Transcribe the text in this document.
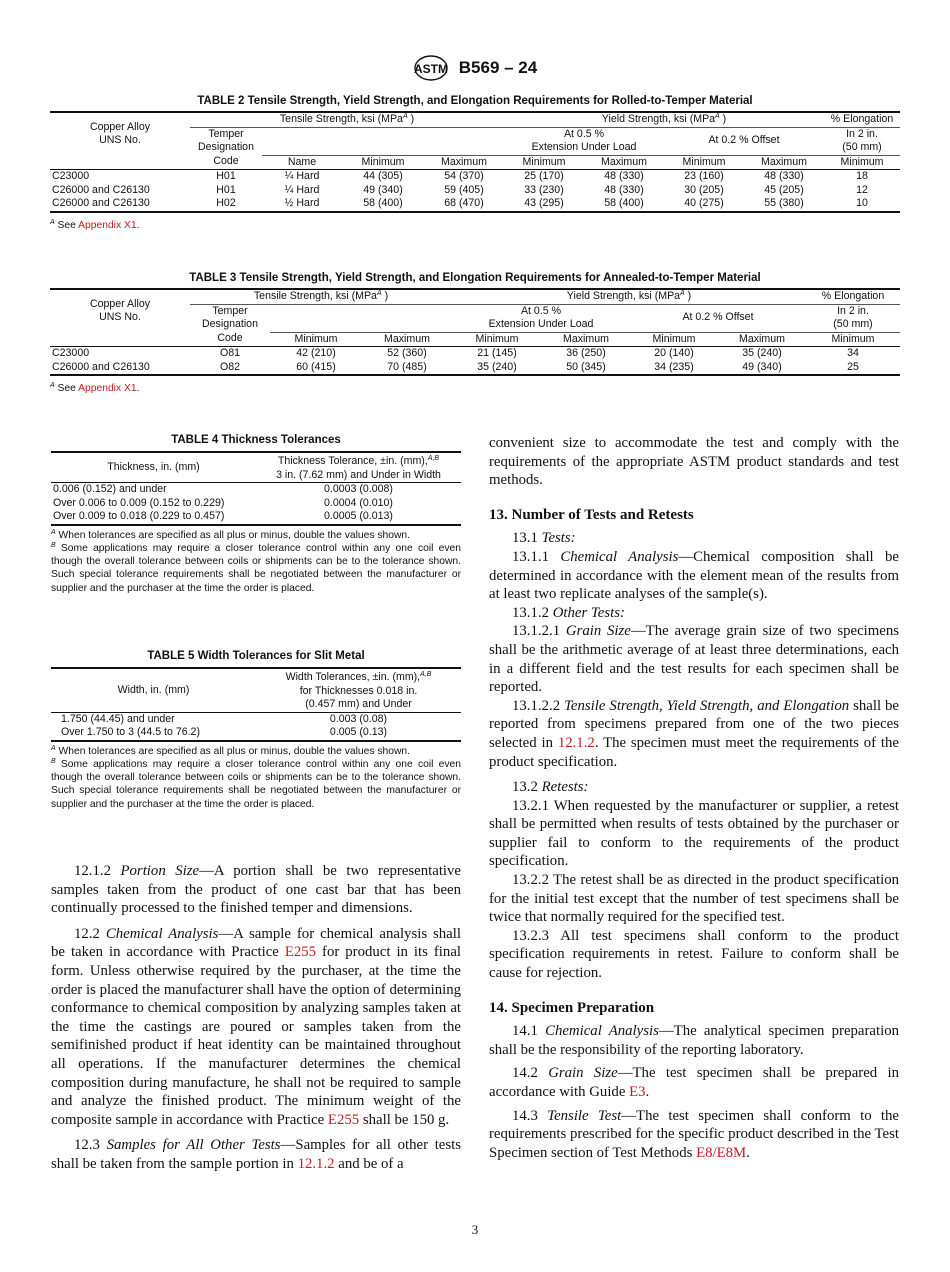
ASTM B569 – 24
TABLE 2 Tensile Strength, Yield Strength, and Elongation Requirements for Rolled-to-Temper Material
Copper Alloy
UNS No.	Tensile Strength, ksi (MPa$^A$ )				Yield Strength, ksi (MPa$^A$ )				% Elongation
	Temper
Designation				At 0.5 %
Extension Under Load		At 0.2 % Offset		In 2 in.
(50 mm)

	Code	Name	Minimum	Maximum	Minimum	Maximum	Minimum	Maximum	Minimum
C23000	H01	¼ Hard	44 (305)	54 (370)	25 (170)	48 (330)	23 (160)	48 (330)	18
C26000 and C26130	H01	¼ Hard	49 (340)	59 (405)	33 (230)	48 (330)	30 (205)	45 (205)	12
C26000 and C26130	H02	½ Hard	58 (400)	68 (470)	43 (295)	58 (400)	40 (275)	55 (380)	10
$^A$ See Appendix X1.
TABLE 3 Tensile Strength, Yield Strength, and Elongation Requirements for Annealed-to-Temper Material
Copper Alloy
UNS No.	Tensile Strength, ksi (MPa$^A$ )			Yield Strength, ksi (MPa$^A$ )				% Elongation
	Temper
Designation			At 0.5 %
Extension Under Load		At 0.2 % Offset		In 2 in.
(50 mm)

	Code	Minimum	Maximum	Minimum	Maximum	Minimum	Maximum	Minimum
C23000	O81	42 (210)	52 (360)	21 (145)	36 (250)	20 (140)	35 (240)	34
C26000 and C26130	O82	60 (415)	70 (485)	35 (240)	50 (345)	34 (235)	49 (340)	25
$^A$ See Appendix X1.
TABLE 4 Thickness Tolerances
Thickness, in. (mm)	Thickness Tolerance, ±in. (mm),$^{A,B}$
3 in. (7.62 mm) and Under in Width
0.006 (0.152) and under	0.0003 (0.008)
Over 0.006 to 0.009 (0.152 to 0.229)	0.0004 (0.010)
Over 0.009 to 0.018 (0.229 to 0.457)	0.0005 (0.013)
$^A$ When tolerances are specified as all plus or minus, double the values shown.
$^B$ Some applications may require a closer tolerance control within any one coil even though the overall tolerance between coils or shipments can be to the tolerance shown. Such special tolerance requirements shall be negotiated between the manufacturer or supplier and the purchaser at the time the order is placed.
TABLE 5 Width Tolerances for Slit Metal
Width, in. (mm)	Width Tolerances, ±in. (mm),$^{A,B}$
for Thicknesses 0.018 in.
(0.457 mm) and Under
1.750 (44.45) and under	0.003 (0.08)
Over 1.750 to 3 (44.5 to 76.2)	0.005 (0.13)
$^A$ When tolerances are specified as all plus or minus, double the values shown.
$^B$ Some applications may require a closer tolerance control within any one coil even though the overall tolerance between coils or shipments can be to the tolerance shown. Such special tolerance requirements shall be negotiated between the manufacturer or supplier and the purchaser at the time the order is placed.

12.1.2 Portion Size—A portion shall be two representative samples taken from the product of one cast bar that has been continually processed to the finished temper and dimensions.

12.2 Chemical Analysis—A sample for chemical analysis shall be taken in accordance with Practice E255 for product in its final form. Unless otherwise required by the purchaser, at the time the order is placed the manufacturer shall have the option of determining conformance to chemical composition by analyzing samples taken at the time the castings are poured or samples taken from the semifinished product if heat identity can be maintained throughout all operations. If the manufacturer determines the chemical composition during manufacture, he shall not be required to sample and analyze the finished product. The minimum weight of the composite sample in accordance with Practice E255 shall be 150 g.

12.3 Samples for All Other Tests—Samples for all other tests shall be taken from the sample portion in 12.1.2 and be of a

convenient size to accommodate the test and comply with the requirements of the appropriate ASTM product standards and test methods.
13. Number of Tests and Retests

13.1 Tests:

13.1.1 Chemical Analysis—Chemical composition shall be determined in accordance with the element mean of the results from at least two replicate analyses of the sample(s).

13.1.2 Other Tests:

13.1.2.1 Grain Size—The average grain size of two specimens shall be the arithmetic average of at least three determinations, each in a different field and the test results for each specimen shall be reported.

13.1.2.2 Tensile Strength, Yield Strength, and Elongation shall be reported from specimens prepared from one of the two pieces selected in 12.1.2. The specimen must meet the requirements of the product specification.

13.2 Retests:

13.2.1 When requested by the manufacturer or supplier, a retest shall be permitted when results of tests obtained by the purchaser or supplier fail to conform to the requirements of the product specification.

13.2.2 The retest shall be as directed in the product specification for the initial test except that the number of test specimens shall be twice that normally required for the specified test.

13.2.3 All test specimens shall conform to the product specification requirements in retest. Failure to conform shall be cause for rejection.

14. Specimen Preparation

14.1 Chemical Analysis—The analytical specimen preparation shall be the responsibility of the reporting laboratory.

14.2 Grain Size—The test specimen shall be prepared in accordance with Guide E3.

14.3 Tensile Test—The test specimen shall conform to the requirements prescribed for the specific product described in the Test Specimen section of Test Methods E8/E8M.

3
